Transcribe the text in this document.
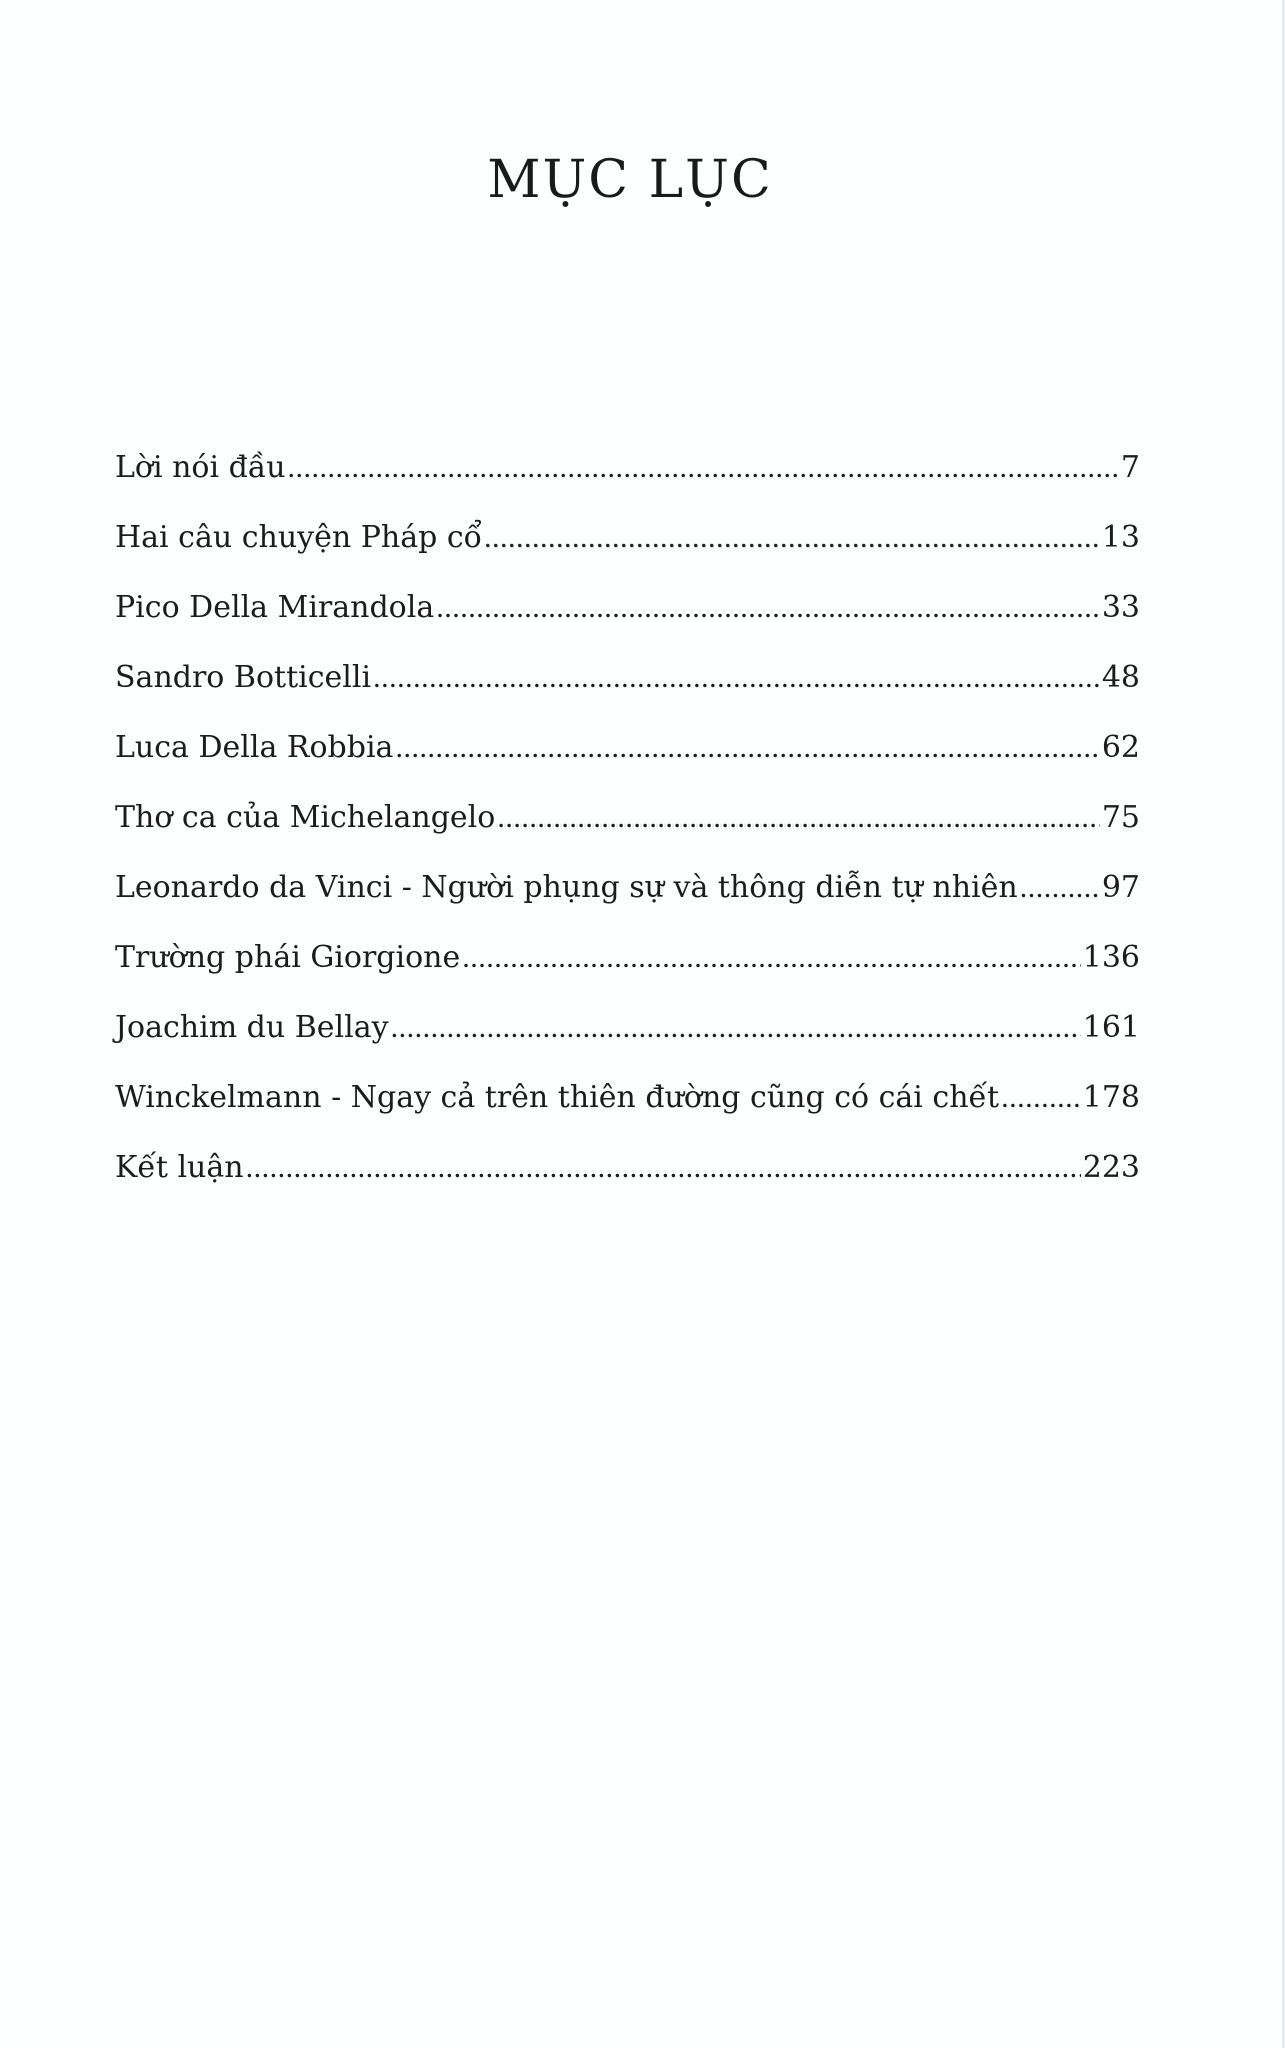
MỤC LỤC
Lời nói đầu .....	7
Hai câu chuyện Pháp cổ .....	13
Pico Della Mirandola .....	33
Sandro Botticelli .....	48
Luca Della Robbia .....	62
Thơ ca của Michelangelo .....	75
Leonardo da Vinci - Người phụng sự và thông diễn tự nhiên .....	97
Trường phái Giorgione .....	136
Joachim du Bellay .....	161
Winckelmann - Ngay cả trên thiên đường cũng có cái chết .....	178
Kết luận .....	223
